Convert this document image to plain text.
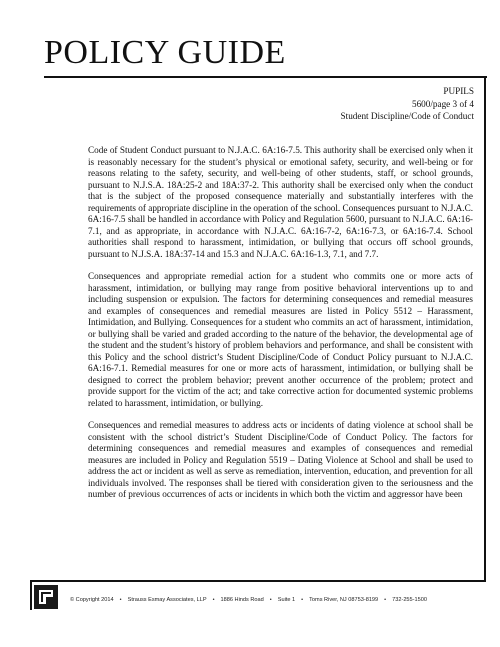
POLICY GUIDE
PUPILS
5600/page 3 of 4
Student Discipline/Code of Conduct

Code of Student Conduct pursuant to N.J.A.C. 6A:16-7.5. This authority shall be exercised only when it is reasonably necessary for the student’s physical or emotional safety, security, and well-being or for reasons relating to the safety, security, and well-being of other students, staff, or school grounds, pursuant to N.J.S.A. 18A:25-2 and 18A:37-2. This authority shall be exercised only when the conduct that is the subject of the proposed consequence materially and substantially interferes with the requirements of appropriate discipline in the operation of the school. Consequences pursuant to N.J.A.C. 6A:16-7.5 shall be handled in accordance with Policy and Regulation 5600, pursuant to N.J.A.C. 6A:16-7.1, and as appropriate, in accordance with N.J.A.C. 6A:16-7-2, 6A:16-7.3, or 6A:16-7.4. School authorities shall respond to harassment, intimidation, or bullying that occurs off school grounds, pursuant to N.J.S.A. 18A:37-14 and 15.3 and N.J.A.C. 6A:16-1.3, 7.1, and 7.7.

Consequences and appropriate remedial action for a student who commits one or more acts of harassment, intimidation, or bullying may range from positive behavioral interventions up to and including suspension or expulsion. The factors for determining consequences and remedial measures and examples of consequences and remedial measures are listed in Policy 5512 – Harassment, Intimidation, and Bullying. Consequences for a student who commits an act of harassment, intimidation, or bullying shall be varied and graded according to the nature of the behavior, the developmental age of the student and the student’s history of problem behaviors and performance, and shall be consistent with this Policy and the school district’s Student Discipline/Code of Conduct Policy pursuant to N.J.A.C. 6A:16-7.1. Remedial measures for one or more acts of harassment, intimidation, or bullying shall be designed to correct the problem behavior; prevent another occurrence of the problem; protect and provide support for the victim of the act; and take corrective action for documented systemic problems related to harassment, intimidation, or bullying.

Consequences and remedial measures to address acts or incidents of dating violence at school shall be consistent with the school district’s Student Discipline/Code of Conduct Policy. The factors for determining consequences and remedial measures and examples of consequences and remedial measures are included in Policy and Regulation 5519 – Dating Violence at School and shall be used to address the act or incident as well as serve as remediation, intervention, education, and prevention for all individuals involved. The responses shall be tiered with consideration given to the seriousness and the number of previous occurrences of acts or incidents in which both the victim and aggressor have been

© Copyright 2014 • Strauss Esmay Associates, LLP • 1886 Hinds Road • Suite 1 • Toms River, NJ 08753-8199 • 732-255-1500
